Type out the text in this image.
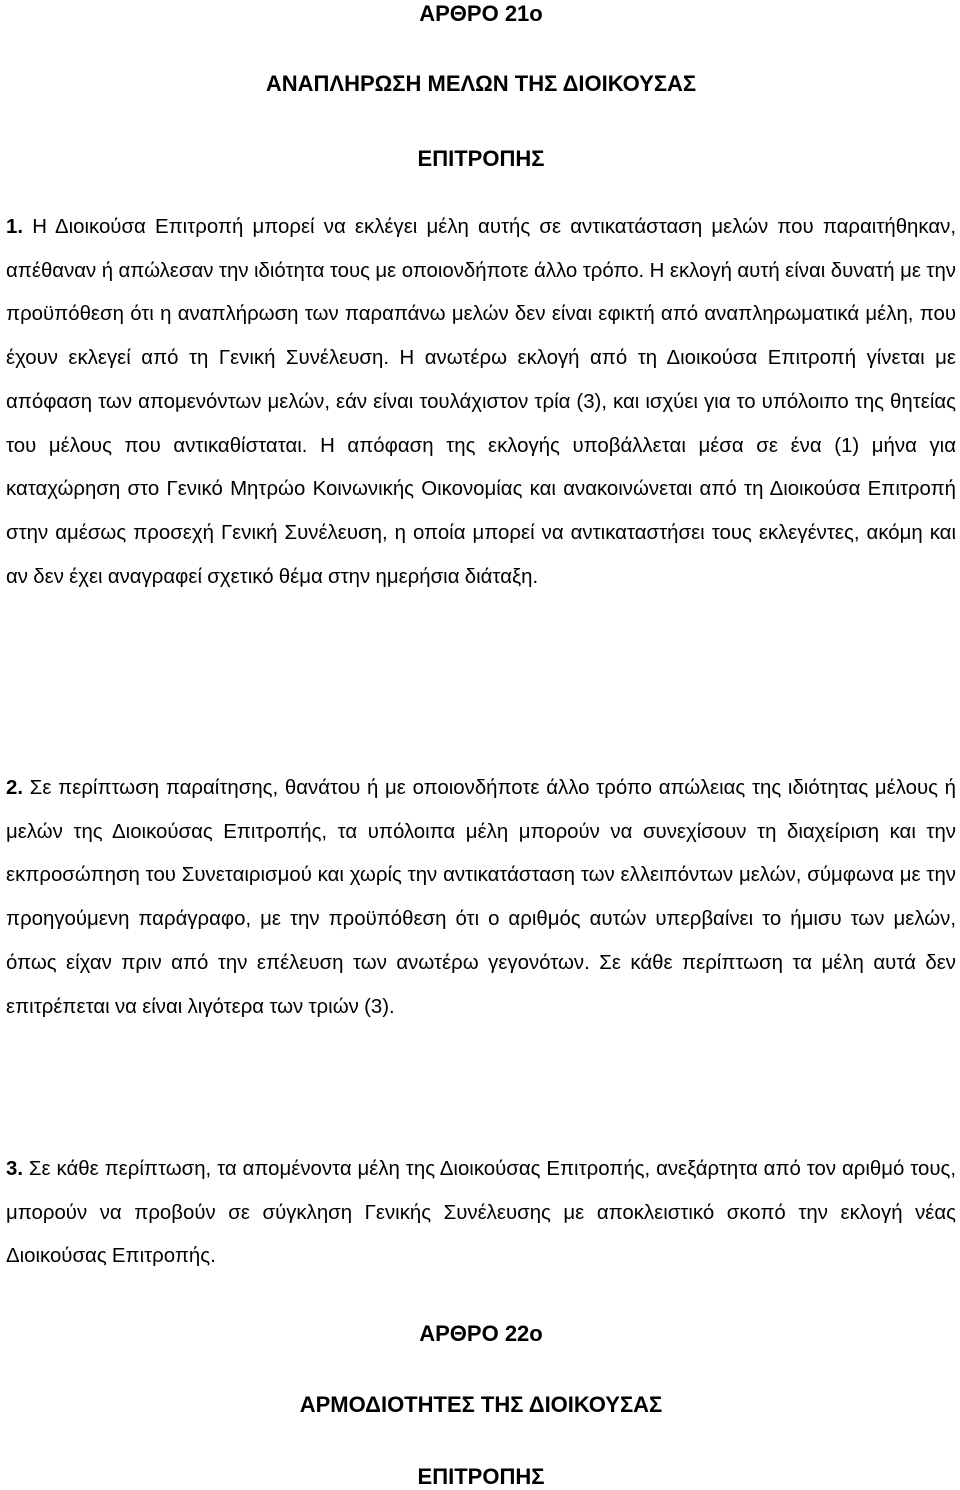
ΑΡΘΡΟ 21ο
ΑΝΑΠΛΗΡΩΣΗ ΜΕΛΩΝ ΤΗΣ ΔΙΟΙΚΟΥΣΑΣ
ΕΠΙΤΡΟΠΗΣ
1. Η Διοικούσα Επιτροπή μπορεί να εκλέγει μέλη αυτής σε αντικατάσταση μελών που παραιτήθηκαν, απέθαναν ή απώλεσαν την ιδιότητα τους με οποιονδήποτε άλλο τρόπο. Η εκλογή αυτή είναι δυνατή με την προϋπόθεση ότι η αναπλήρωση των παραπάνω μελών δεν είναι εφικτή από αναπληρωματικά μέλη, που έχουν εκλεγεί από τη Γενική Συνέλευση. Η ανωτέρω εκλογή από τη Διοικούσα Επιτροπή γίνεται με απόφαση των απομενόντων μελών, εάν είναι τουλάχιστον τρία (3), και ισχύει για το υπόλοιπο της θητείας του μέλους που αντικαθίσταται. Η απόφαση της εκλογής υποβάλλεται μέσα σε ένα (1) μήνα για καταχώρηση στο Γενικό Μητρώο Κοινωνικής Οικονομίας και ανακοινώνεται από τη Διοικούσα Επιτροπή στην αμέσως προσεχή Γενική Συνέλευση, η οποία μπορεί να αντικαταστήσει τους εκλεγέντες, ακόμη και αν δεν έχει αναγραφεί σχετικό θέμα στην ημερήσια διάταξη.
2. Σε περίπτωση παραίτησης, θανάτου ή με οποιονδήποτε άλλο τρόπο απώλειας της ιδιότητας μέλους ή μελών της Διοικούσας Επιτροπής, τα υπόλοιπα μέλη μπορούν να συνεχίσουν τη διαχείριση και την εκπροσώπηση του Συνεταιρισμού και χωρίς την αντικατάσταση των ελλειπόντων μελών, σύμφωνα με την προηγούμενη παράγραφο, με την προϋπόθεση ότι ο αριθμός αυτών υπερβαίνει το ήμισυ των μελών, όπως είχαν πριν από την επέλευση των ανωτέρω γεγονότων. Σε κάθε περίπτωση τα μέλη αυτά δεν επιτρέπεται να είναι λιγότερα των τριών (3).
3. Σε κάθε περίπτωση, τα απομένοντα μέλη της Διοικούσας Επιτροπής, ανεξάρτητα από τον αριθμό τους, μπορούν να προβούν σε σύγκληση Γενικής Συνέλευσης με αποκλειστικό σκοπό την εκλογή νέας Διοικούσας Επιτροπής.
ΑΡΘΡΟ 22ο
ΑΡΜΟΔΙΟΤΗΤΕΣ ΤΗΣ ΔΙΟΙΚΟΥΣΑΣ
ΕΠΙΤΡΟΠΗΣ
